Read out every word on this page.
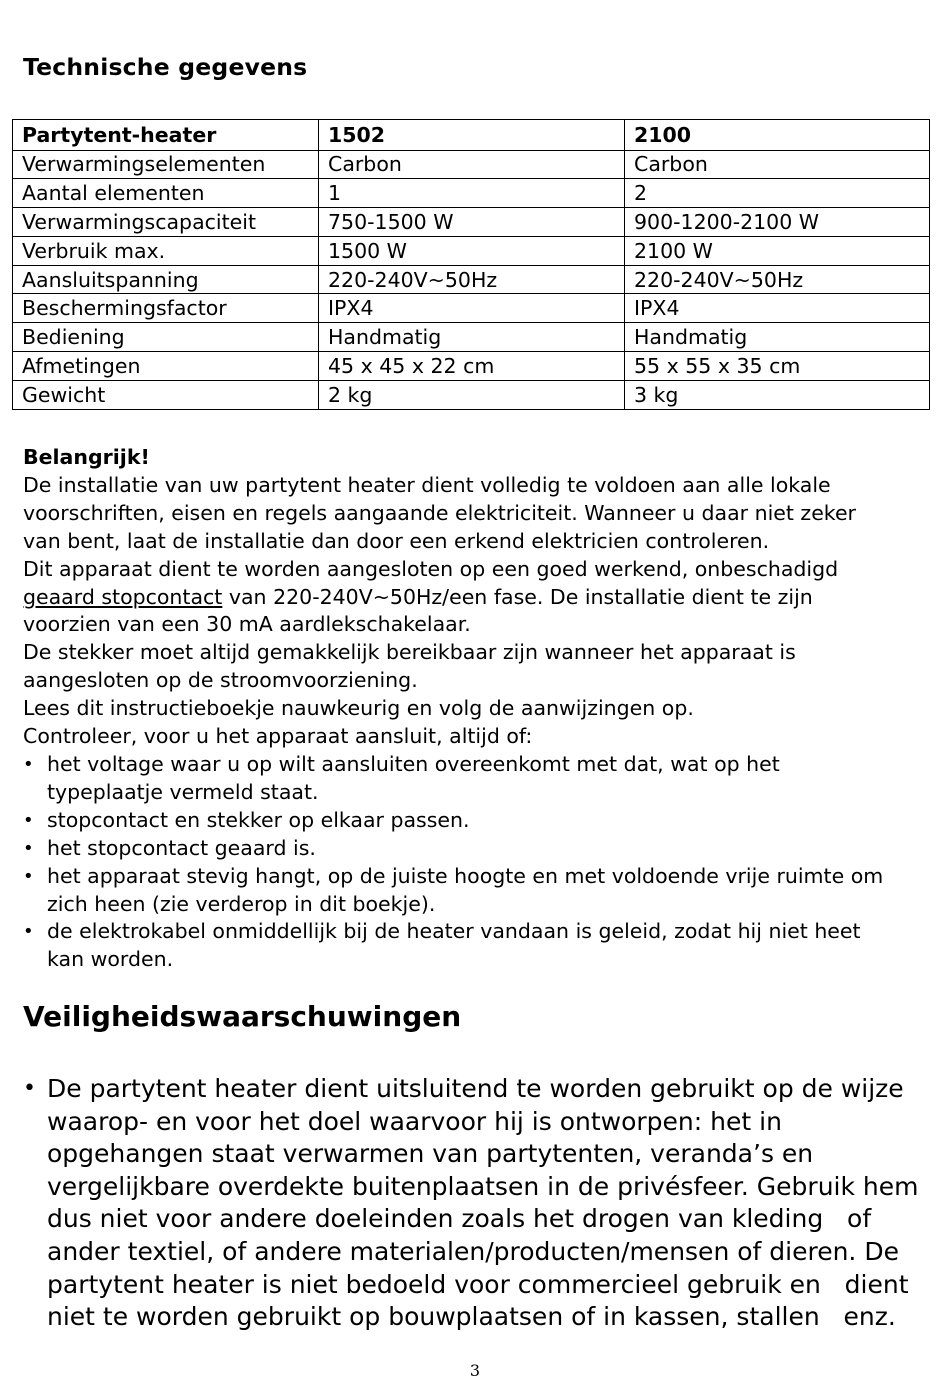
Technische gegevens
Partytent-heater	1502	2100
Verwarmingselementen	Carbon	Carbon
Aantal elementen	1	2
Verwarmingscapaciteit	750-1500 W	900-1200-2100 W
Verbruik max.	1500 W	2100 W
Aansluitspanning	220-240V~50Hz	220-240V~50Hz
Beschermingsfactor	IPX4	IPX4
Bediening	Handmatig	Handmatig
Afmetingen	45 x 45 x 22 cm	55 x 55 x 35 cm
Gewicht	2 kg	3 kg

Belangrijk!

De installatie van uw partytent heater dient volledig te voldoen aan alle lokale

voorschriften, eisen en regels aangaande elektriciteit. Wanneer u daar niet zeker

van bent, laat de installatie dan door een erkend elektricien controleren.

Dit apparaat dient te worden aangesloten op een goed werkend, onbeschadigd

geaard stopcontact van 220-240V~50Hz/een fase. De installatie dient te zijn

voorzien van een 30 mA aardlekschakelaar.

De stekker moet altijd gemakkelijk bereikbaar zijn wanneer het apparaat is

aangesloten op de stroomvoorziening.

Lees dit instructieboekje nauwkeurig en volg de aanwijzingen op.

Controleer, voor u het apparaat aansluit, altijd of:

• het voltage waar u op wilt aansluiten overeenkomt met dat, wat op het
typeplaatje vermeld staat.
• stopcontact en stekker op elkaar passen.
• het stopcontact geaard is.
• het apparaat stevig hangt, op de juiste hoogte en met voldoende vrije ruimte om
zich heen (zie verderop in dit boekje).
• de elektrokabel onmiddellijk bij de heater vandaan is geleid, zodat hij niet heet
kan worden.
Veiligheidswaarschuwingen
• De partytent heater dient uitsluitend te worden gebruikt op de wijze
waarop- en voor het doel waarvoor hij is ontworpen: het in
opgehangen staat verwarmen van partytenten, veranda’s en
vergelijkbare overdekte buitenplaatsen in de privésfeer. Gebruik hem
dus niet voor andere doeleinden zoals het drogen van kleding   of
ander textiel, of andere materialen/producten/mensen of dieren. De
partytent heater is niet bedoeld voor commercieel gebruik en   dient
niet te worden gebruikt op bouwplaatsen of in kassen, stallen   enz.
3
